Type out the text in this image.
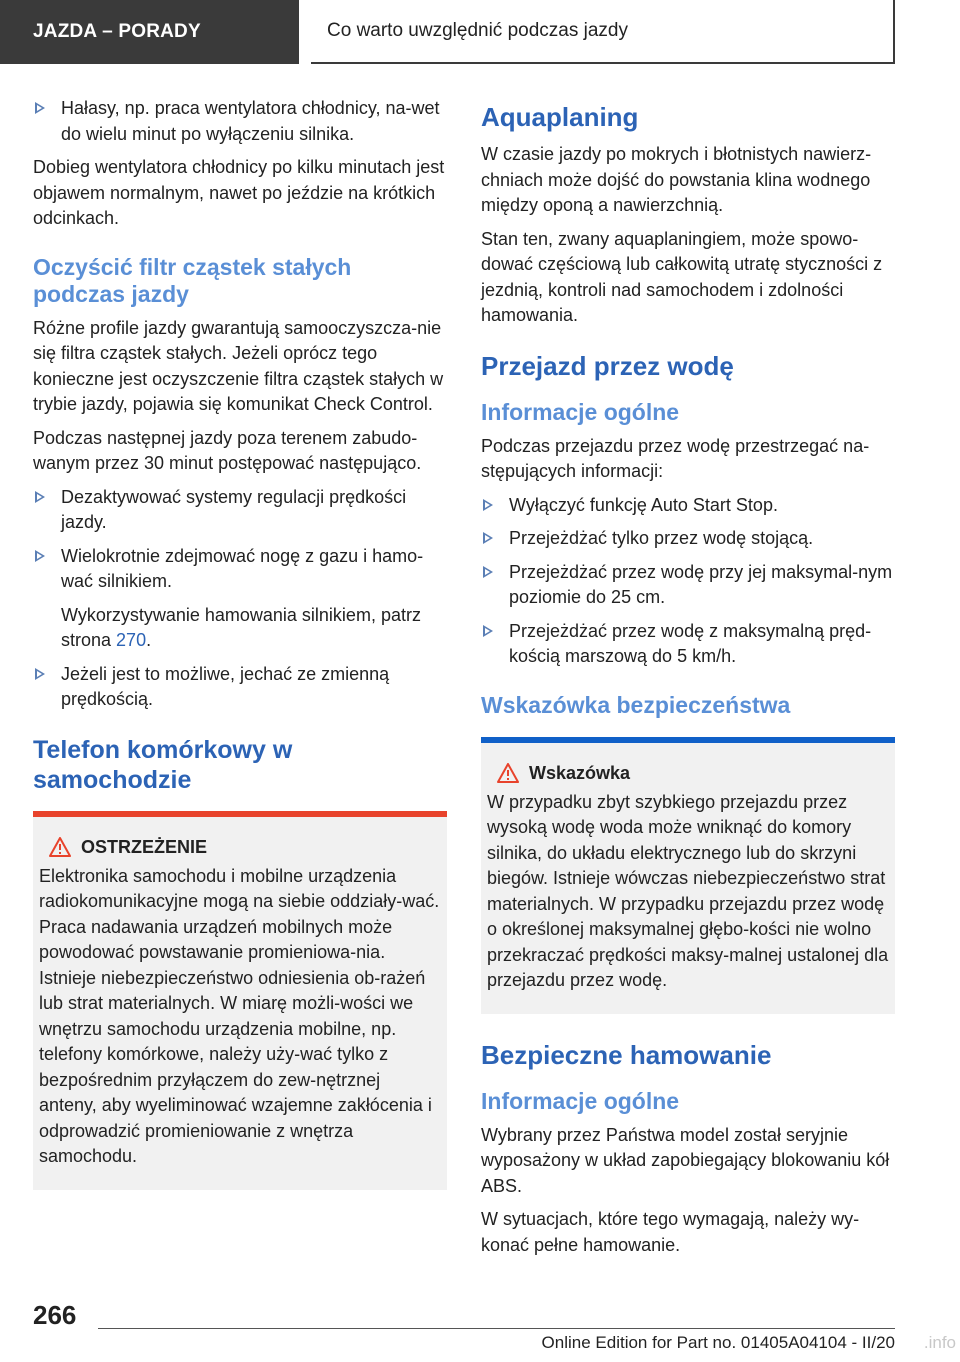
JAZDA – PORADY	Co warto uwzględnić podczas jazdy
Hałasy, np. praca wentylatora chłodnicy, na-wet do wielu minut po wyłączeniu silnika.

Dobieg wentylatora chłodnicy po kilku minutach jest objawem normalnym, nawet po jeździe na krótkich odcinkach.

Oczyścić filtr cząstek stałych podczas jazdy

Różne profile jazdy gwarantują samooczyszcza-nie się filtra cząstek stałych. Jeżeli oprócz tego konieczne jest oczyszczenie filtra cząstek stałych w trybie jazdy, pojawia się komunikat Check Control.

Podczas następnej jazdy poza terenem zabudo-wanym przez 30 minut postępować następująco.

Dezaktywować systemy regulacji prędkości jazdy.
Wielokrotnie zdejmować nogę z gazu i hamo-wać silnikiem.

Wykorzystywanie hamowania silnikiem, patrz strona 270.

Jeżeli jest to możliwe, jechać ze zmienną prędkością.
Telefon komórkowy w samochodzie
OSTRZEŻENIE

Elektronika samochodu i mobilne urządzenia radiokomunikacyjne mogą na siebie oddziały-wać. Praca nadawania urządzeń mobilnych może powodować powstawanie promieniowa-nia. Istnieje niebezpieczeństwo odniesienia ob-rażeń lub strat materialnych. W miarę możli-wości we wnętrzu samochodu urządzenia mobilne, np. telefony komórkowe, należy uży-wać tylko z bezpośrednim przyłączem do zew-nętrznej anteny, aby wyeliminować wzajemne zakłócenia i odprowadzić promieniowanie z wnętrza samochodu.

Aquaplaning

W czasie jazdy po mokrych i błotnistych nawierz-chniach może dojść do powstania klina wodnego między oponą a nawierzchnią.

Stan ten, zwany aquaplaningiem, może spowo-dować częściową lub całkowitą utratę styczności z jezdnią, kontroli nad samochodem i zdolności hamowania.

Przejazd przez wodę
Informacje ogólne

Podczas przejazdu przez wodę przestrzegać na-stępujących informacji:

Wyłączyć funkcję Auto Start Stop.
Przejeżdżać tylko przez wodę stojącą.
Przejeżdżać przez wodę przy jej maksymal-nym poziomie do 25 cm.
Przejeżdżać przez wodę z maksymalną pręd-kością marszową do 5 km/h.
Wskazówka bezpieczeństwa
Wskazówka

W przypadku zbyt szybkiego przejazdu przez wysoką wodę woda może wniknąć do komory silnika, do układu elektrycznego lub do skrzyni biegów. Istnieje wówczas niebezpieczeństwo strat materialnych. W przypadku przejazdu przez wodę o określonej maksymalnej głębo-kości nie wolno przekraczać prędkości maksy-malnej ustalonej dla przejazdu przez wodę.

Bezpieczne hamowanie
Informacje ogólne

Wybrany przez Państwa model został seryjnie wyposażony w układ zapobiegający blokowaniu kół ABS.

W sytuacjach, które tego wymagają, należy wy-konać pełne hamowanie.

266
Online Edition for Part no. 01405A04104 - II/20 .info
